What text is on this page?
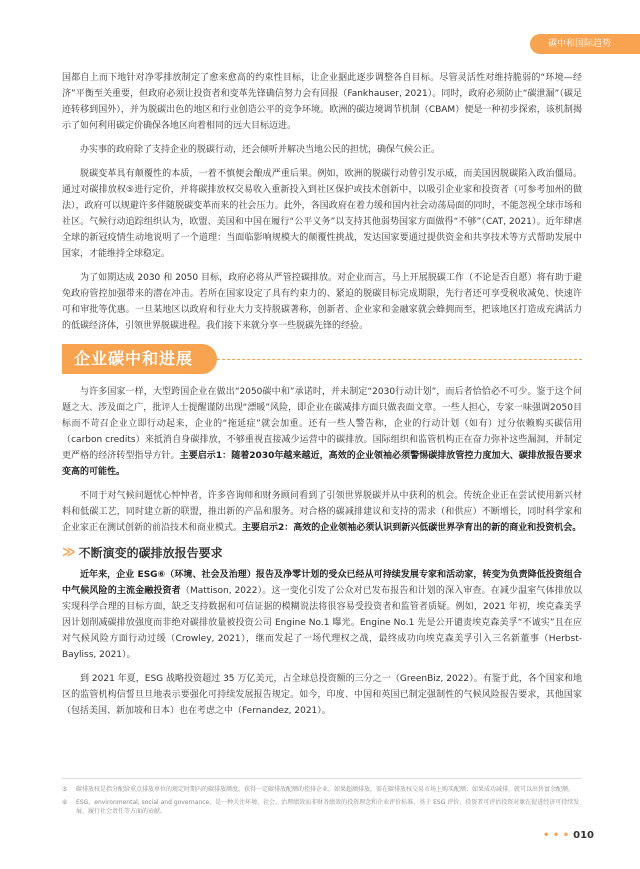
碳中和国际趋势

国都自上而下地针对净零排放制定了愈来愈高的约束性目标，让企业据此逐步调整各自目标。尽管灵活性对维持脆弱的“环境—经济”平衡至关重要，但政府必须让投资者和变革先锋确信努力会有回报（Fankhauser, 2021）。同时，政府必须防止“碳泄漏”（碳足迹转移到国外），并为脱碳出色的地区和行业创造公平的竞争环境。欧洲的碳边境调节机制（CBAM）便是一种初步探索，该机制揭示了如何利用碳定价确保各地区向着相同的远大目标迈进。

办实事的政府除了支持企业的脱碳行动，还会倾听并解决当地公民的担忧，确保气候公正。

脱碳变革具有颠覆性的本质，一着不慎便会酿成严重后果。例如，欧洲的脱碳行动曾引发示威，而美国因脱碳陷入政治僵局。通过对碳排放权⑤进行定价，并将碳排放权交易收入重新投入到社区保护或技术创新中，以吸引企业家和投资者（可参考加州的做法），政府可以规避许多伴随脱碳变革而来的社会压力。此外，各国政府在着力缓和国内社会动荡局面的同时，不能忽视全球市场和社区。气候行动追踪组织认为，欧盟、美国和中国在履行“公平义务”以支持其他弱势国家方面做得“不够”（CAT, 2021）。近年肆虐全球的新冠疫情生动地说明了一个道理：当面临影响规模大的颠覆性挑战，发达国家要通过提供资金和共享技术等方式帮助发展中国家，才能维持全球稳定。

为了如期达成 2030 和 2050 目标，政府必将从严管控碳排放。对企业而言，马上开展脱碳工作（不论是否自愿）将有助于避免政府管控加强带来的潜在冲击。若所在国家设定了具有约束力的、紧迫的脱碳目标完成期限，先行者还可享受税收减免、快速许可和审批等优惠。一旦某地区以政府和行业大力支持脱碳著称，创新者、企业家和金融家就会蜂拥而至，把该地区打造成充满活力的低碳经济体，引领世界脱碳进程。我们接下来就分享一些脱碳先锋的经验。

企业碳中和进展

与许多国家一样，大型跨国企业在做出“2050碳中和”承诺时，并未制定“2030行动计划”，而后者恰恰必不可少。鉴于这个问题之大、涉及面之广，批评人士提醒谨防出现“漂暖”风险，即企业在碳减排方面只做表面文章。一些人担心，专家一味强调2050目标而不苛召企业立即行动起来，企业的“拖延症”就会加重。还有一些人警告称，企业的行动计划（如有）过分依赖购买碳信用（carbon credits）来抵消自身碳排放，不够重视直接减少运营中的碳排放。国际组织和监管机构正在奋力弥补这些漏洞，并制定更严格的经济转型指导方针。主要启示1：随着2030年越来越近，高效的企业领袖必须警惕碳排放管控力度加大、碳排放报告要求变高的可能性。

不同于对气候问题忧心忡忡者，许多咨询师和财务顾问看到了引领世界脱碳并从中获利的机会。传统企业正在尝试使用新兴材料和低碳工艺，同时建立新的联盟，推出新的产品和服务。对合格的碳减排建议和支持的需求（和供应）不断增长，同时科学家和企业家正在测试创新的前沿技术和商业模式。主要启示2：高效的企业领袖必须认识到新兴低碳世界孕育出的新的商业和投资机会。

≫ 不断演变的碳排放报告要求

近年来，企业 ESG⑥（环境、社会及治理）报告及净零计划的受众已经从可持续发展专家和活动家，转变为负责降低投资组合中气候风险的主流金融投资者（Mattison, 2022）。这一变化引发了公众对已发布报告和计划的深入审查。在减少温室气体排放以实现科学合理的目标方面，缺乏支持数据和可信证据的模糊说法将很容易受投资者和监管者质疑。例如，2021 年初，埃克森美孚因计划削减碳排放强度而非绝对碳排放量被投资公司 Engine No.1 曝光。Engine No.1 先是公开谴责埃克森美孚“不诚实”且在应对气候风险方面行动过缓（Crowley, 2021），继而发起了一场代理权之战，最终成功向埃克森美孚引入三名新董事（Herbst-Bayliss, 2021）。

到 2021 年夏，ESG 战略投资超过 35 万亿美元，占全球总投资额的三分之一（GreenBiz, 2022）。有鉴于此，各个国家和地区的监管机构信誓旦旦地表示要强化可持续发展报告规定。如今，印度、中国和英国已制定强制性的气候风险报告要求，其他国家（包括美国、新加坡和日本）也在考虑之中（Fernandez, 2021）。

⑤	碳排放权是指分配给重点排放单位的规定时期内的碳排放额度，获得一定碳排放配额的控排企业，如果超额排放，需在碳排放权交易市场上购买配额；如果成功减排，就可以出售富余配额。
⑥	ESG，environmental, social and governance，是一种关注环境、社会、治理绩效而非财务绩效的投资理念和企业评价标准。基于 ESG 评价，投资者可评估投资对象在促进经济可持续发展、履行社会责任等方面的贡献。
• • • 010
